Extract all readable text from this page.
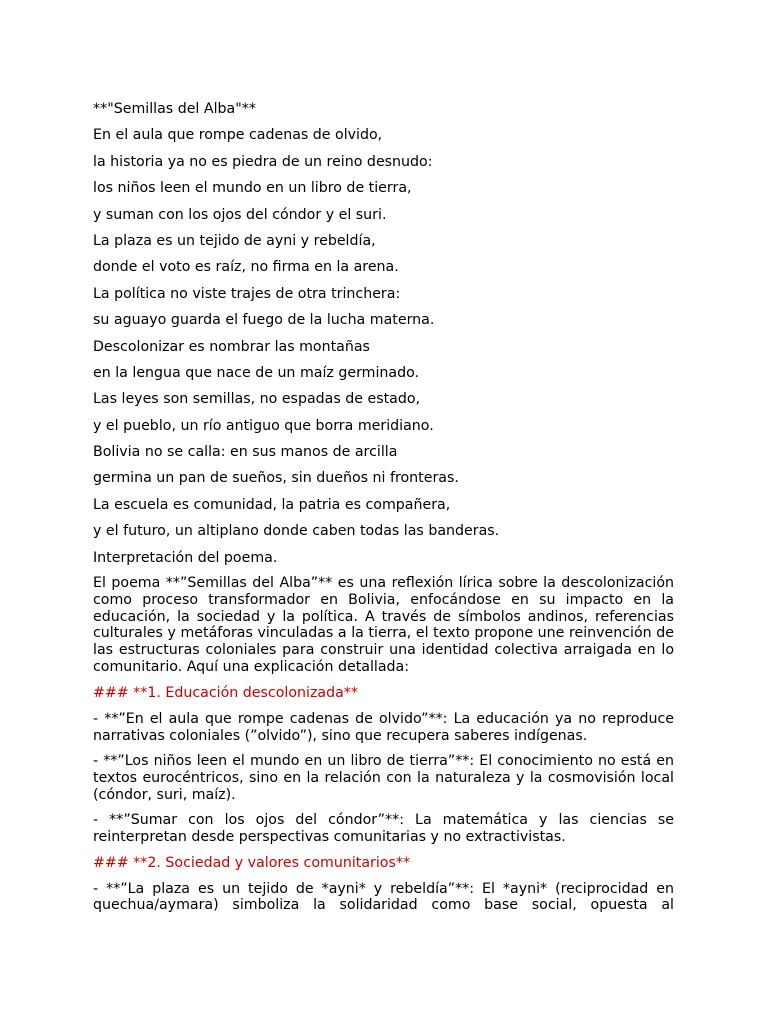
**"Semillas del Alba"**
En el aula que rompe cadenas de olvido,
la historia ya no es piedra de un reino desnudo:
los niños leen el mundo en un libro de tierra,
y suman con los ojos del cóndor y el suri.
La plaza es un tejido de ayni y rebeldía,
donde el voto es raíz, no firma en la arena.
La política no viste trajes de otra trinchera:
su aguayo guarda el fuego de la lucha materna.
Descolonizar es nombrar las montañas
en la lengua que nace de un maíz germinado.
Las leyes son semillas, no espadas de estado,
y el pueblo, un río antiguo que borra meridiano.
Bolivia no se calla: en sus manos de arcilla
germina un pan de sueños, sin dueños ni fronteras.
La escuela es comunidad, la patria es compañera,
y el futuro, un altiplano donde caben todas las banderas.
Interpretación del poema.
El poema **”Semillas del Alba”** es una reflexión lírica sobre la descolonización como proceso transformador en Bolivia, enfocándose en su impacto en la educación, la sociedad y la política. A través de símbolos andinos, referencias culturales y metáforas vinculadas a la tierra, el texto propone une reinvención de las estructuras coloniales para construir una identidad colectiva arraigada en lo comunitario. Aquí una explicación detallada:
### **1. Educación descolonizada**
- **”En el aula que rompe cadenas de olvido”**: La educación ya no reproduce narrativas coloniales (”olvido”), sino que recupera saberes indígenas.
- **”Los niños leen el mundo en un libro de tierra”**: El conocimiento no está en textos eurocéntricos, sino en la relación con la naturaleza y la cosmovisión local (cóndor, suri, maíz).
- **”Sumar con los ojos del cóndor”**: La matemática y las ciencias se reinterpretan desde perspectivas comunitarias y no extractivistas.
### **2. Sociedad y valores comunitarios**
- **”La plaza es un tejido de *ayni* y rebeldía”**: El *ayni* (reciprocidad en quechua/aymara) simboliza la solidaridad como base social, opuesta al
